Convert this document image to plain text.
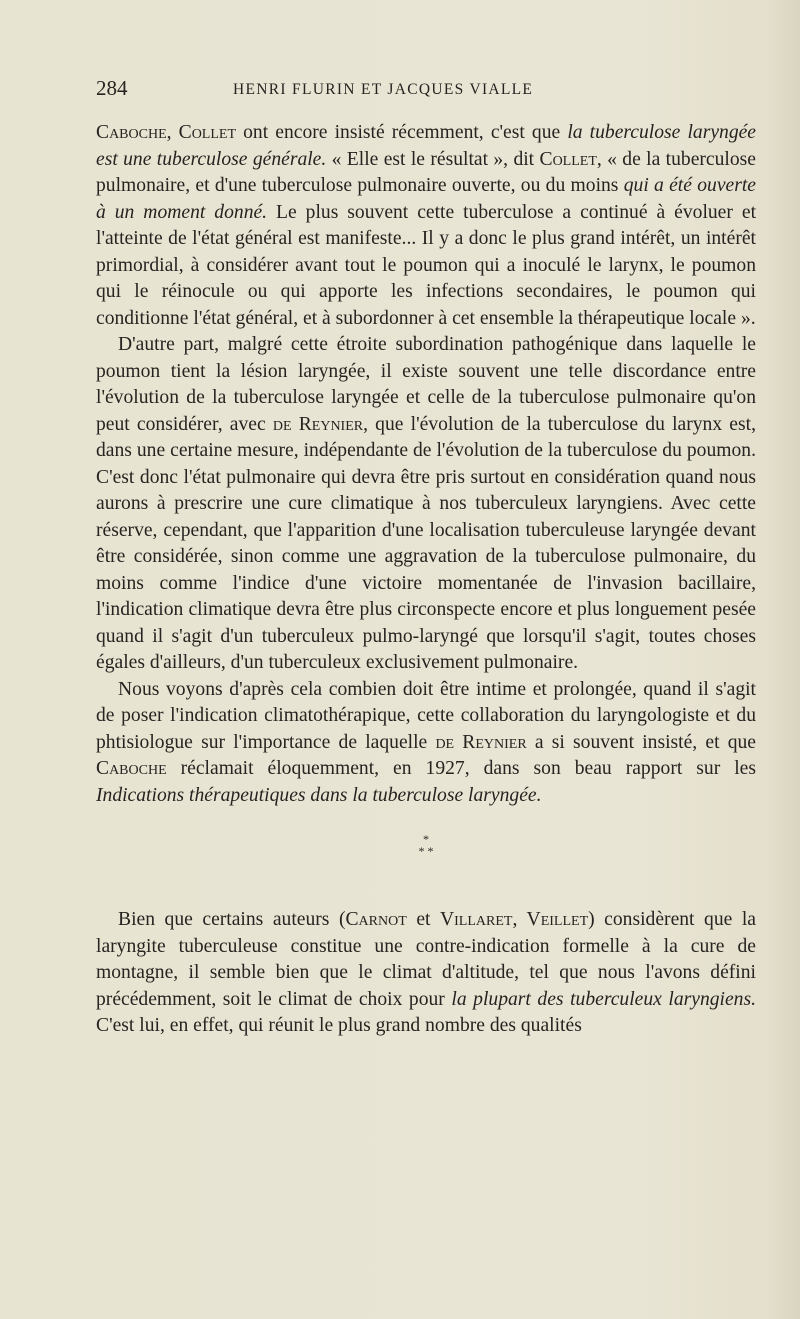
284	HENRI FLURIN ET JACQUES VIALLE

Caboche, Collet ont encore insisté récemment, c'est que la tuberculose laryngée est une tuberculose générale. « Elle est le résultat », dit Collet, « de la tuberculose pulmonaire, et d'une tuberculose pulmonaire ouverte, ou du moins qui a été ouverte à un moment donné. Le plus souvent cette tuberculose a continué à évoluer et l'atteinte de l'état général est manifeste... Il y a donc le plus grand intérêt, un intérêt primordial, à considérer avant tout le poumon qui a inoculé le larynx, le poumon qui le réinocule ou qui apporte les infections secondaires, le poumon qui conditionne l'état général, et à subordonner à cet ensemble la thérapeutique locale ».

D'autre part, malgré cette étroite subordination pathogénique dans laquelle le poumon tient la lésion laryngée, il existe souvent une telle discordance entre l'évolution de la tuberculose laryngée et celle de la tuberculose pulmonaire qu'on peut considérer, avec de Reynier, que l'évolution de la tuberculose du larynx est, dans une certaine mesure, indépendante de l'évolution de la tuberculose du poumon. C'est donc l'état pulmonaire qui devra être pris surtout en considération quand nous aurons à prescrire une cure climatique à nos tuberculeux laryngiens. Avec cette réserve, cependant, que l'apparition d'une localisation tuberculeuse laryngée devant être considérée, sinon comme une aggravation de la tuberculose pulmonaire, du moins comme l'indice d'une victoire momentanée de l'invasion bacillaire, l'indication climatique devra être plus circonspecte encore et plus longuement pesée quand il s'agit d'un tuberculeux pulmo-laryngé que lorsqu'il s'agit, toutes choses égales d'ailleurs, d'un tuberculeux exclusivement pulmonaire.

Nous voyons d'après cela combien doit être intime et prolongée, quand il s'agit de poser l'indication climatothérapique, cette collaboration du laryngologiste et du phtisiologue sur l'importance de laquelle de Reynier a si souvent insisté, et que Caboche réclamait éloquemment, en 1927, dans son beau rapport sur les Indications thérapeutiques dans la tuberculose laryngée.

*
* *

Bien que certains auteurs (Carnot et Villaret, Veillet) considèrent que la laryngite tuberculeuse constitue une contre-indication formelle à la cure de montagne, il semble bien que le climat d'altitude, tel que nous l'avons défini précédemment, soit le climat de choix pour la plupart des tuberculeux laryngiens. C'est lui, en effet, qui réunit le plus grand nombre des qualités
